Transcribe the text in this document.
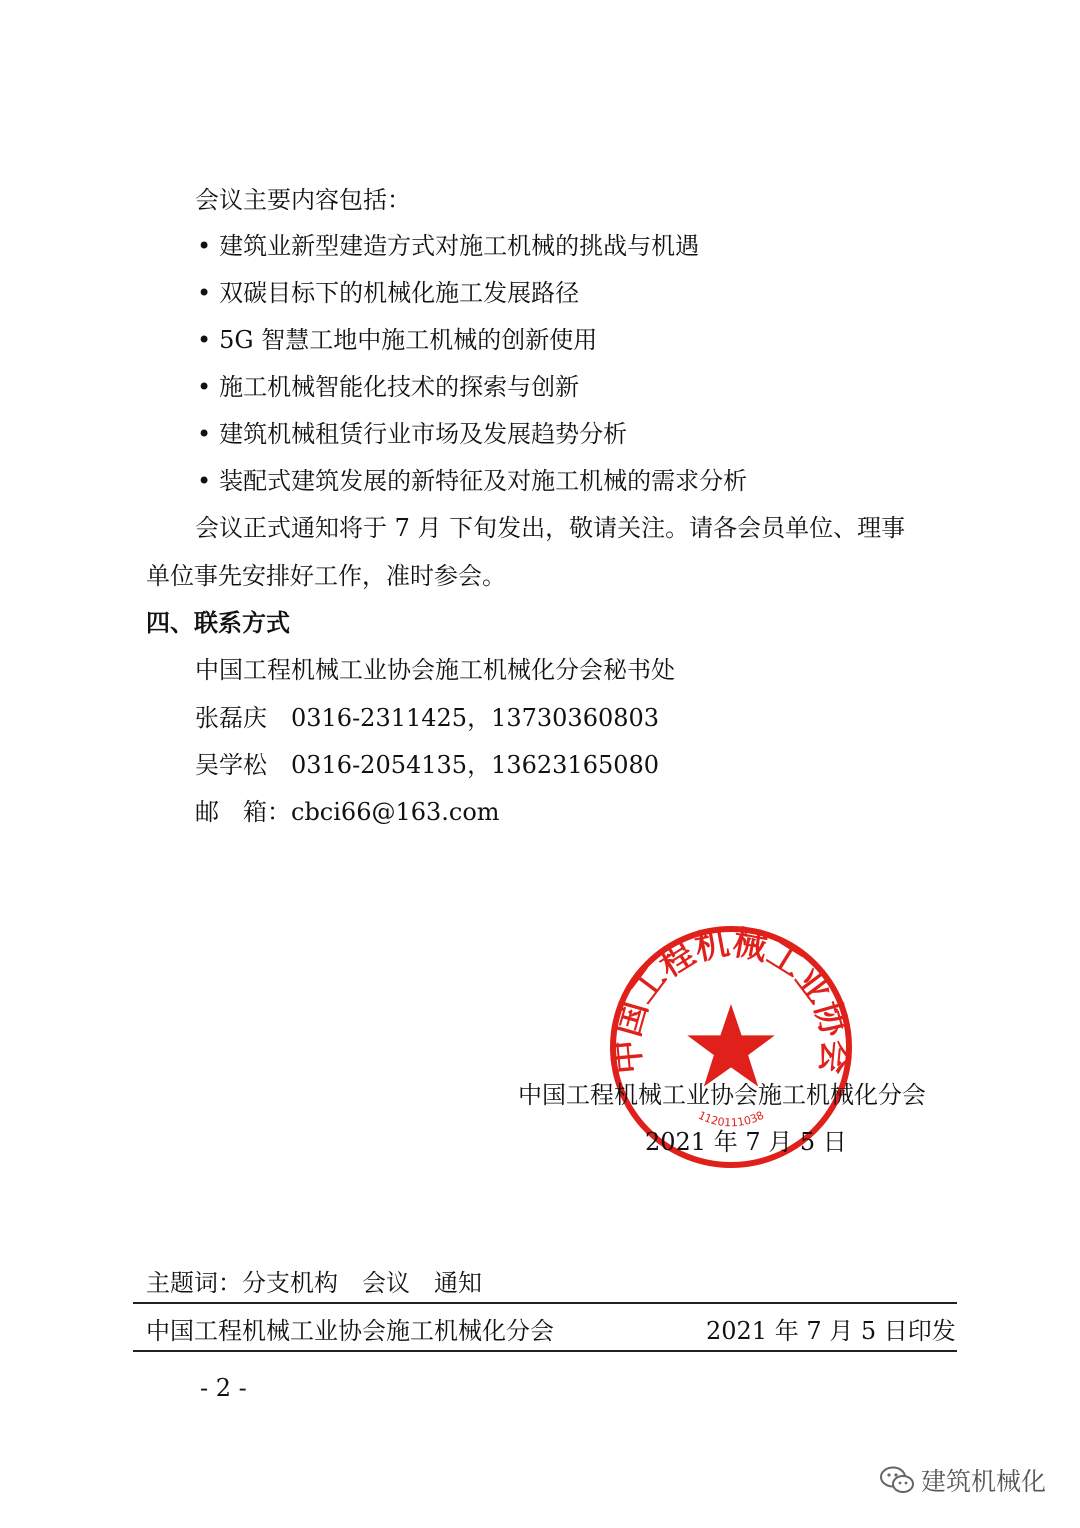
会议主要内容包括：
• 建筑业新型建造方式对施工机械的挑战与机遇
• 双碳目标下的机械化施工发展路径
• 5G 智慧工地中施工机械的创新使用
• 施工机械智能化技术的探索与创新
• 建筑机械租赁行业市场及发展趋势分析
• 装配式建筑发展的新特征及对施工机械的需求分析
会议正式通知将于 7 月 下旬发出，敬请关注。请各会员单位、理事
单位事先安排好工作，准时参会。
四、联系方式
中国工程机械工业协会施工机械化分会秘书处
张磊庆　0316-2311425，13730360803
吴学松　0316-2054135，13623165080
邮　箱：cbci66@163.com
中国工程机械工业协会
1120111038
中国工程机械工业协会施工机械化分会
2021 年 7 月 5 日
主题词：分支机构　会议　通知
中国工程机械工业协会施工机械化分会	2021 年 7 月 5 日印发
- 2 -
建筑机械化
